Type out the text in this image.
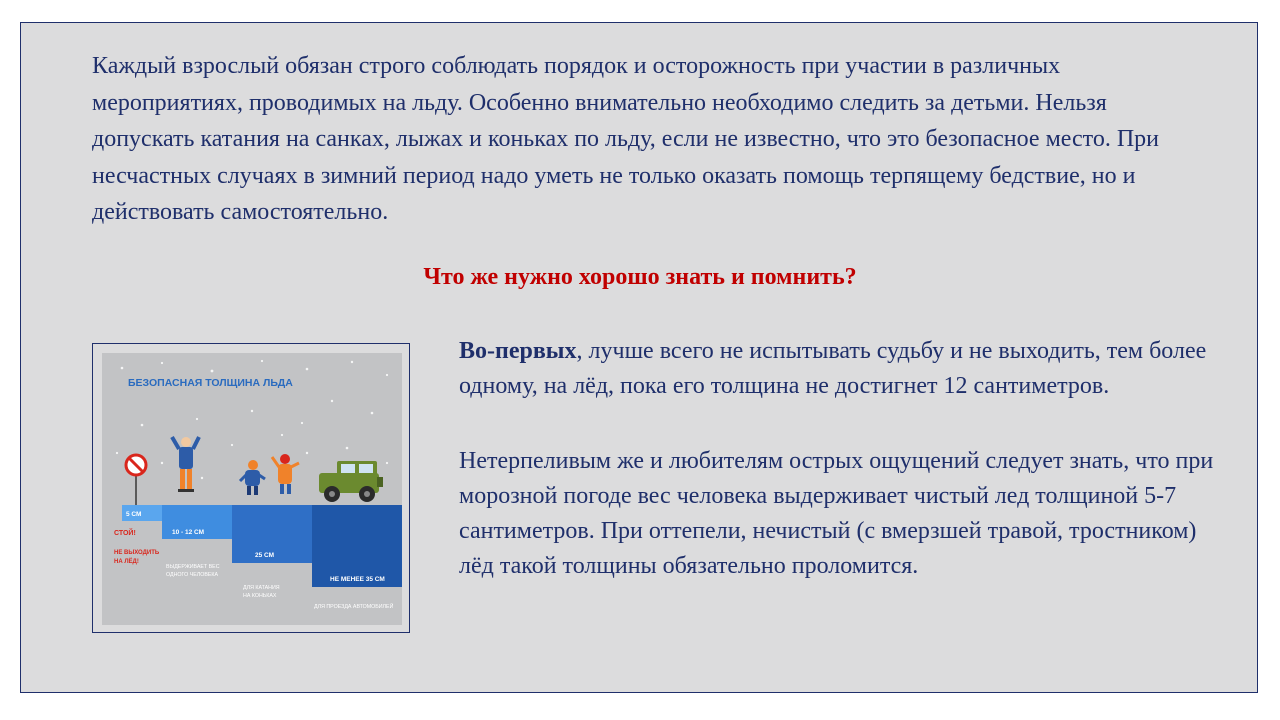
Каждый взрослый обязан строго соблюдать порядок и осторожность при участии в различных мероприятиях, проводимых на льду. Особенно внимательно необходимо следить за детьми. Нельзя допускать катания на санках, лыжах и коньках по льду, если не известно, что это безопасное место. При несчастных случаях в зимний период надо уметь не только оказать помощь терпящему бедствие, но и действовать самостоятельно.

Что же нужно хорошо знать и помнить?

БЕЗОПАСНАЯ ТОЛЩИНА ЛЬДА
5 СМ
10 - 12 СМ
25 СМ
НЕ МЕНЕЕ 35 СМ
СТОЙ!
НЕ ВЫХОДИТЬ
НА ЛЁД!
ВЫДЕРЖИВАЕТ ВЕС
ОДНОГО ЧЕЛОВЕКА
ДЛЯ КАТАНИЯ
НА КОНЬКАХ
ДЛЯ ПРОЕЗДА АВТОМОБИЛЕЙ

Во-первых, лучше всего не испытывать судьбу и не выходить, тем более одному, на лёд, пока его толщина не достигнет 12 сантиметров.

Нетерпеливым же и любителям острых ощущений следует знать, что при морозной погоде вес человека выдерживает чистый лед толщиной 5-7 сантиметров. При оттепели, нечистый (с вмерзшей травой, тростником) лёд такой толщины обязательно проломится.
